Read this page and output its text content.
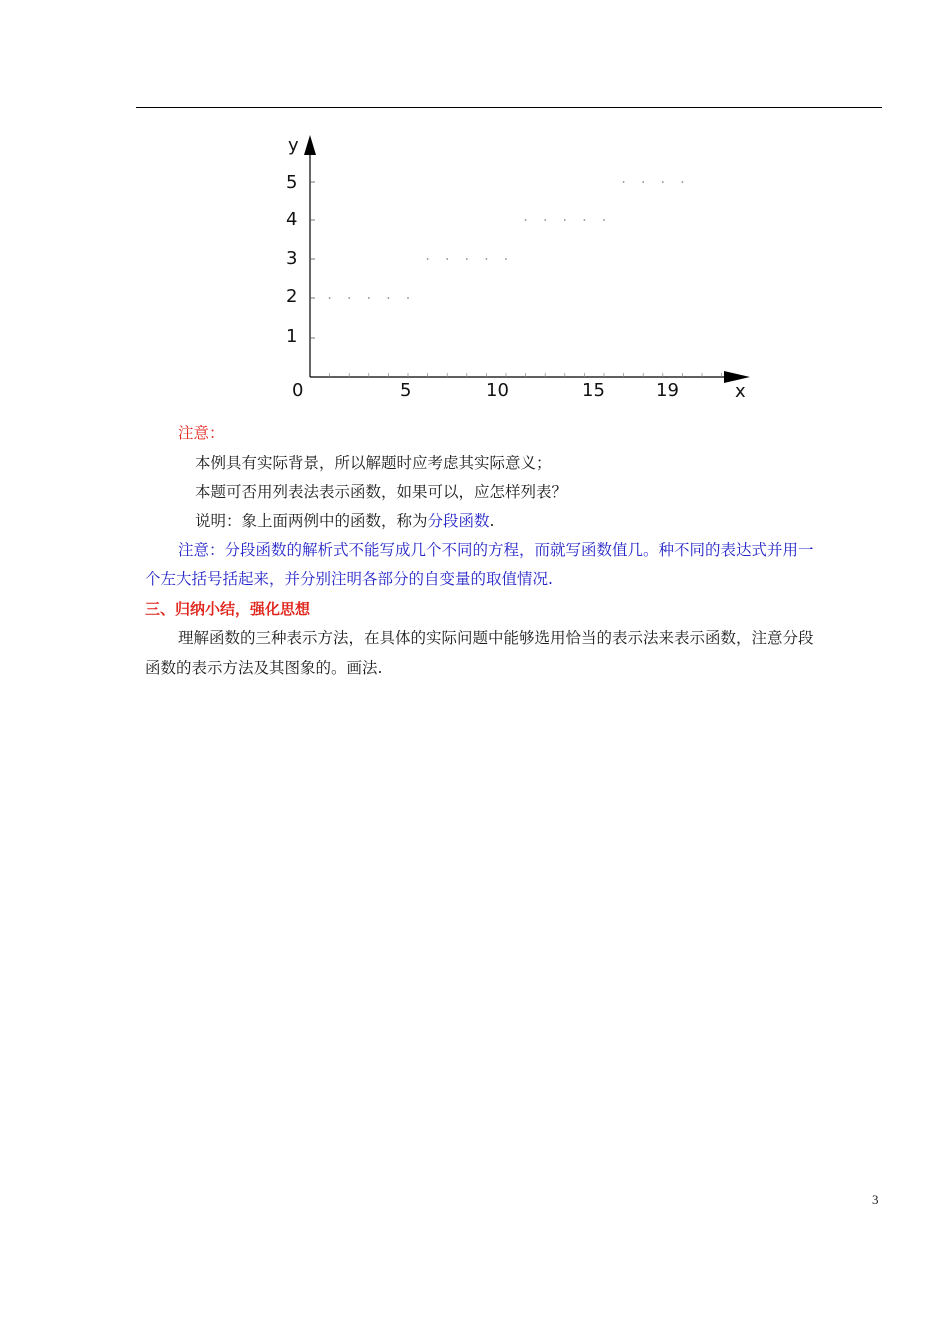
y
x
0	5	10	15	19
1
2
3
4
5
注意：
本例具有实际背景，所以解题时应考虑其实际意义；
本题可否用列表法表示函数，如果可以，应怎样列表？
说明：象上面两例中的函数，称为分段函数.
注意：分段函数的解析式不能写成几个不同的方程，而就写函数值几。种不同的表达式并用一
个左大括号括起来，并分别注明各部分的自变量的取值情况.
三、归纳小结，强化思想
理解函数的三种表示方法，在具体的实际问题中能够选用恰当的表示法来表示函数，注意分段
函数的表示方法及其图象的。画法.
3
